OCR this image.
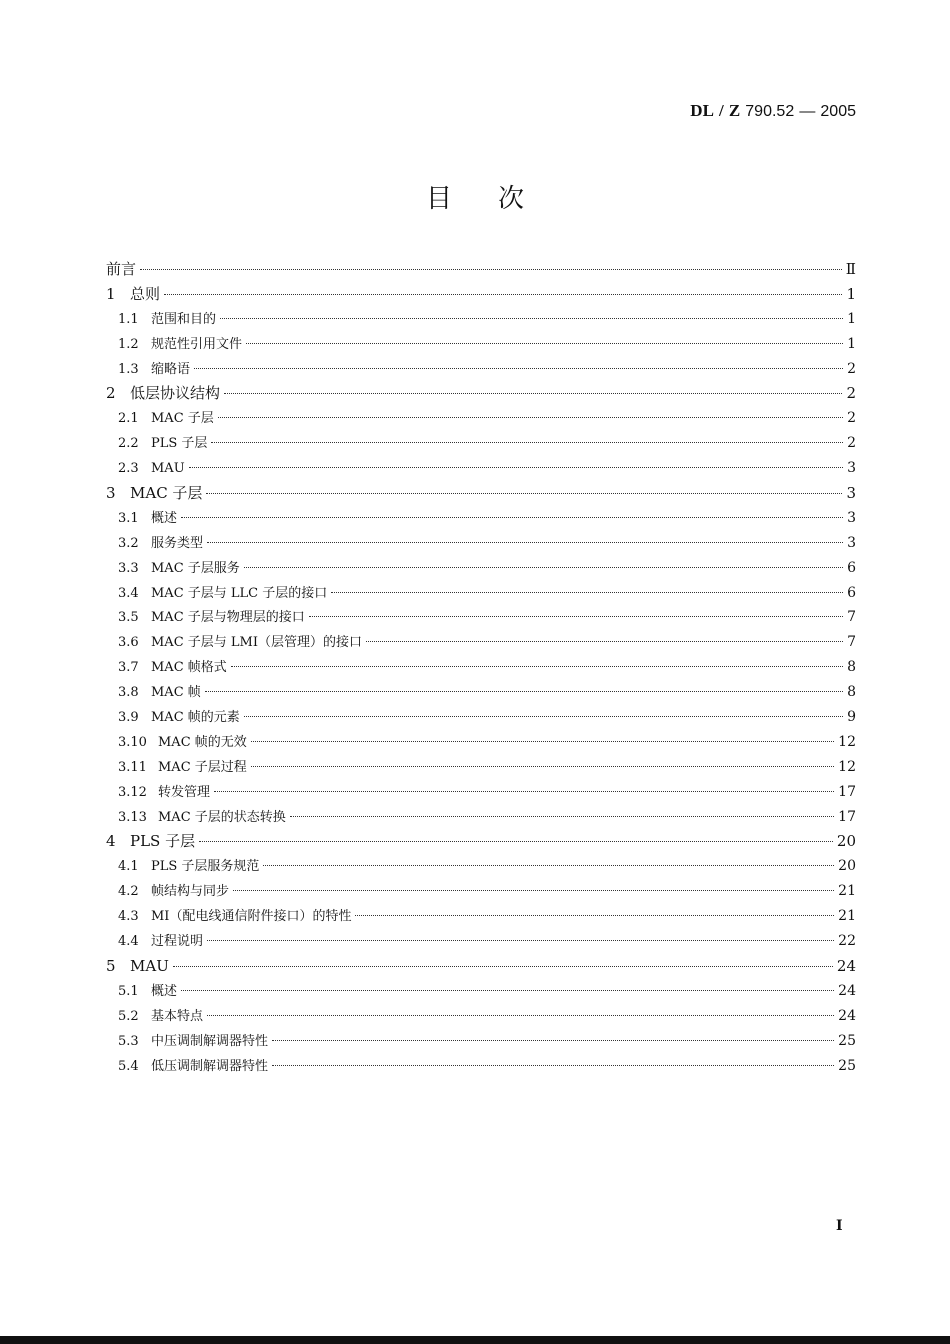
DL / Z 790.52 — 2005
目 次
前言	Ⅱ
1 总则	1
1.1 范围和目的	1
1.2 规范性引用文件	1
1.3 缩略语	2
2 低层协议结构	2
2.1 MAC 子层	2
2.2 PLS 子层	2
2.3 MAU	3
3 MAC 子层	3
3.1 概述	3
3.2 服务类型	3
3.3 MAC 子层服务	6
3.4 MAC 子层与 LLC 子层的接口	6
3.5 MAC 子层与物理层的接口	7
3.6 MAC 子层与 LMI（层管理）的接口	7
3.7 MAC 帧格式	8
3.8 MAC 帧	8
3.9 MAC 帧的元素	9
3.10 MAC 帧的无效	12
3.11 MAC 子层过程	12
3.12 转发管理	17
3.13 MAC 子层的状态转换	17
4 PLS 子层	20
4.1 PLS 子层服务规范	20
4.2 帧结构与同步	21
4.3 MI（配电线通信附件接口）的特性	21
4.4 过程说明	22
5 MAU	24
5.1 概述	24
5.2 基本特点	24
5.3 中压调制解调器特性	25
5.4 低压调制解调器特性	25
I
